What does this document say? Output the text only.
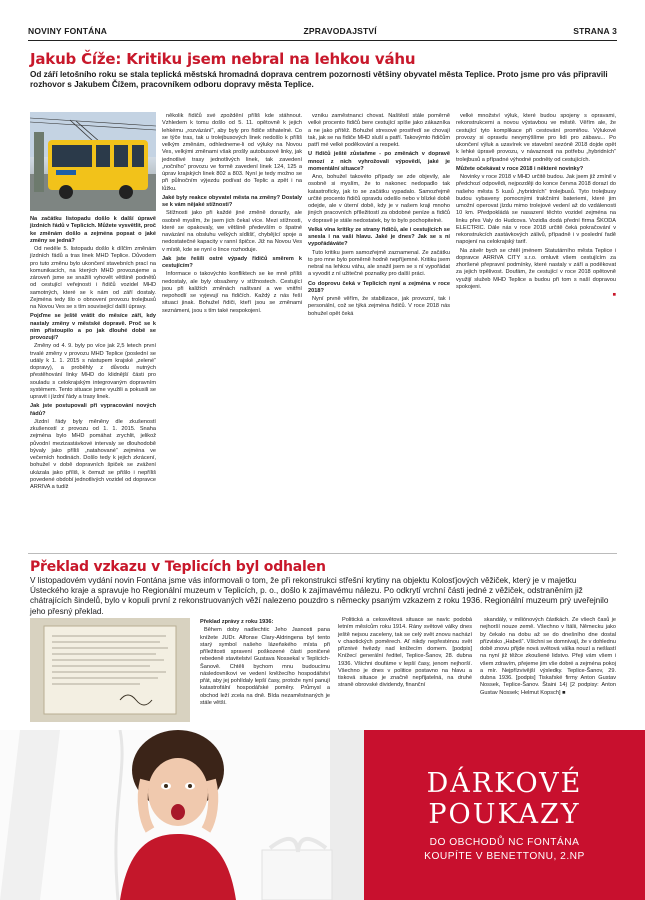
NOVINY FONTÁNA	ZPRAVODAJSTVÍ	STRANA 3
Jakub Číže: Kritiku jsem nebral na lehkou váhu
Od září letošního roku se stala teplická městská hromadná doprava centrem pozornosti většiny obyvatel města Teplice. Proto jsme pro vás připravili rozhovor s Jakubem Čížem, pracovníkem odboru dopravy města Teplice.

Na začátku listopadu došlo k další úpravě jízdních řádů v Teplicích. Můžete vysvětlit, proč ke změnám došlo a zejména popsat o jaké změny se jedná?

Od neděle 5. listopadu došlo k dílčím změnám jízdních řádů a tras linek MHD Teplice. Důvodem pro tuto změnu bylo ukončení stavebních prací na komunikacích, na kterých MHD provozujeme a zároveň jsme se snažili vyhovět většině podnětů od cestující veřejnosti i řidičů vozidel MHD samotných, které se k nám od září dostaly. Zejména tedy šlo o obnovení provozu trolejbusů na Novou Ves se s tím související další úpravy.

Pojďme se ještě vrátit do měsíce září, kdy nastaly změny v městské dopravě. Proč se k nim přistoupilo a po jak dlouhé době se provozují?

Změny od 4. 9. byly po více jak 2,5 letech první trvalé změny v provozu MHD Teplice (poslední se udály k 1. 1. 2015 s nástupem krajské „zelené“ dopravy), a proběhly z důvodu nutných přestěhování linky MHD do klidnější části pro souladu s celokrajským integrovaným dopravním systémem. Tento situace jsme využili a pokusili se upravit i jízdní řády a trasy linek.

Jak jste postupovali při vypracování nových řádů?

Jízdní řády byly měněny dle zkušeností zkušeností z provozu od 1. 1. 2015. Snaha zejména bylo MHD pomáhat zrychlit, jelikož původní mezizastávkové intervaly se dlouhodobě bývaly jako příliš „natahované“ zejména ve večerních hodinách. Došlo tedy k jejich zkrácení, bohužel v době dopravních špiček se zvážení ukázala jako příliš, k čemuž se přišlo i nepříliš povedené období jednotlivých vozidel od dopravce ARRIVA a tudíž

několik řidičů své zpoždění příliš kde stáhnout. Vzhledem k tomu došlo od 5. 11. opětovně k jejich lehkému „rozvázání“, aby byly pro řidiče stihatelné. Co se týče tras, tak u trolejbusových linek nedošlo k příliš velkým změnám, odhledneme-li od výluky na Novou Ves, velkými změnami však prošly autobusové linky, jak jednotlivé trasy jednotlivých linek, tak zavedení „nočního“ provozu ve formě zavedení linek 124, 125 a úprav krajských linek 802 a 803. Nyní je tedy možno se při půlnočním výjezdu podívat do Teplic a zpět i na lůžku.

Jaké byly reakce obyvatel města na změny? Dostaly se k vám nějaké stížnosti?

Stížnosti jako při každé jiné změně dorazily, ale osobně myslím, že jsem jich čekal více. Mezi stížnosti, které se opakovaly, we většině především o špatné navázání na obsluhu velkých sídlišť, chybějící spoje a nedostatečné kapacity v ranní špičce. Již na Novou Ves v místě, kde se nyní o lince rozhoduje.

Jak jste řešili ostré výpady řidičů směrem k cestujícím?

Informace o takovýchto konfliktech se ke mně příliš nedostaly, ale byly obsaženy v stížnostech. Cestující jsou při kaližích změnách naštvaní a we vnitřní nepohodlí se vyjevují na řidičích. Každý z nás řeší situaci jinak. Bohužel řidiči, kteří jsou se změnami seznámeni, jsou s tím také nespokojení.

vzniku zaměstnanci chovat. Naštěstí stále poměrně velké procento řidičů bere cestující spíše jako zákazníka a ne jako přítěž. Bohužel stresové prostředí se chovají tak, jak se na řidiče MHD sluší a patří. Takovýmto řidičům patří mé velké poděkování a respekt.

U řidičů ještě zůstaňme - po změnách v dopravě mnozí z nich vyhrožovali výpovědí, jaké je momentální situace?

Ano, bohužel takovéto případy se zde objevily, ale osobně si myslím, že to nakonec nedopadlo tak katastroficky, jak to se začátku vypadalo. Samozřejmě určité procento řidičů opravdu odešlo nebo v blízké době odejde, ale v úterní době, kdy je v našem kraji mnoho jiných pracovních příležitostí za obdobné peníze a řidičů v dopravě je stále nedostatek, by to bylo pochopitelné.

Velká vlna kritiky ze strany řidičů, ale i cestujících se snesla i na vaši hlavu. Jaké je dnes? Jak se s ní vypořádáváte?

Tuto kritiku jsem samozřejmě zaznamenal. Ze začátku to pro mne bylo poměrně hodně nepříjemné. Kritiku jsem nebral na lehkou váhu, ale snažil jsem se s ní vypořádat a vyvodit z ní užitečné poznatky pro další práci.

Co doprovu čeká v Teplicích nyní a zejména v roce 2018?

Nyní prvně věřím, že stabilizace, jak provozní, tak i personální, což se týká zejména řidičů. V roce 2018 nás bohužel opět čeká

velké množství výluk, které budou spojeny s opravami, rekonstrukcemi a novou výstavbou ve městě. Věřím ale, že cestující tyto komplikace při cestování promiňou. Výlukové provozy si opravdu nevymýšlíme pro lidi pro zábavu... Po ukončení výluk a uzavírek ve stavební sezóně 2018 dojde opět k lehké úpravě provozu, v návaznosti na potřebu „hybridních“ trolejbusů a případné výhodné podněty od cestujících.

Můžete očekávat v roce 2018 i některé novinky?

Novinky v roce 2018 v MHD určitě budou. Jak jsem již zmínil v předchozí odpovědi, nejpozději do konce června 2018 dorazí do našeho města 5 kusů „hybridních“ trolejbusů. Tyto trolejbusy budou vybaveny pomocnými trakčními bateriemi, které jim umožní operovat jízdu mimo trolejové vedení až do vzdálenosti 10 km. Předpokládá se nasazení těchto vozidel zejména na linku přes Valy do Hudcova. Vozidla dodá přední firma ŠKODA ELECTRIC. Dále nás v roce 2018 určitě čeká pokračování v rekonstrukcích zastávkových zálivů, případně i v poslední řadě napojení na celokrajský tarif.

Na závěr bych se chtěl jménem Statutárního města Teplice i dopravce ARRIVA CITY s.r.o. omluvit všem cestujícím za zhoršené přepravní podmínky, které nastaly v září a poděkovat za jejich trpělivost. Doufám, že cestující v roce 2018 opětovně využijí služeb MHD Teplice a budou při tom s naší dopravou spokojeni.

■

Překlad vzkazu v Teplicích byl odhalen
V listopadovém vydání novin Fontána jsme vás informovali o tom, že při rekonstrukci střešní krytiny na objektu Kolosťjových věžiček, který je v majetku Ústeckého kraje a spravuje ho Regionální muzeum v Teplicích, p. o., došlo k zajímavému nálezu. Po odkrytí vrchní části jedné z věžiček, odstraněním již chátrajících šindelů, bylo v kopuli první z rekonstruovaných věží nalezeno pouzdro s německy psaným vzkazem z roku 1936. Regionální muzeum prý uveřejnilo jeho přesný překlad.

Překlad zprávy z roku 1936:

Během doby nadlechtic Jeho Jasnosti pana knížete JUDr. Alfonse Clary-Aldringena byl tento starý symbol našeho lázeňského místa při příležitosti spravení poškozené části poničené rebedeně stavitelství Gustava Nossekal v Teplicích-Šanově. Chtěli bychom mnu budoucímu následovníkovi ve vedení kněžecího hospodářství přát, aby jej pohlídaly lepší časy, protože nyní panují katastrofální hospodářské poměry. Průmysl a obchod leží zcela na dně. Bída nezaměstnaných je stále větší.

Politická a celosvětová situace se navíc podobá letním měsícům roku 1914. Rány světové války dnes ještě nejsou zaceleny, tak se celý svět znovu nachází v chaotických poměrech. Ať nikdy nepřesténou svět příznivé hvězdy nad knížecím domem. [podpis] Knížecí generální ředitel, Teplice-Šanov, 28. dubna 1936. Všichni doufáme v lepší časy, jenom nejhorší. Všechno je dnes v politice postavno na hlavu a tisková situace je značně nepřijatelná, na druhé straně obrovské dividendy, finanční

skandály, v miliónových částkách. Ze všech časů je nejhorší nouze země. Všechno v Itálii, Německu jako by čekalo na dobu až se do dnešního dne dostal přízvisko „Habeš“. Všichni se domnívají, že v dohlednu době znovu přijde nová světová válka nouzí a nešlastí na nyní již těžce zkoušené lidstvo. Přeji vám všem i všem zdravím, přejeme jim vše dobré a zejména pokoj a mír. Nejpřízvivější výsledky. Teplice-Šanov, 29. dubna 1936. [podpis] Tiskařské firmy Anton Gustav Nossek, Teplice-Šanov. Štaini 14) [2 podpisy: Anton Gustav Nossek; Helmut Kopsch] ■

DÁRKOVÉ
POUKAZY
DO OBCHODŮ NC FONTÁNA
KOUPÍTE V BENETTONU, 2.NP
